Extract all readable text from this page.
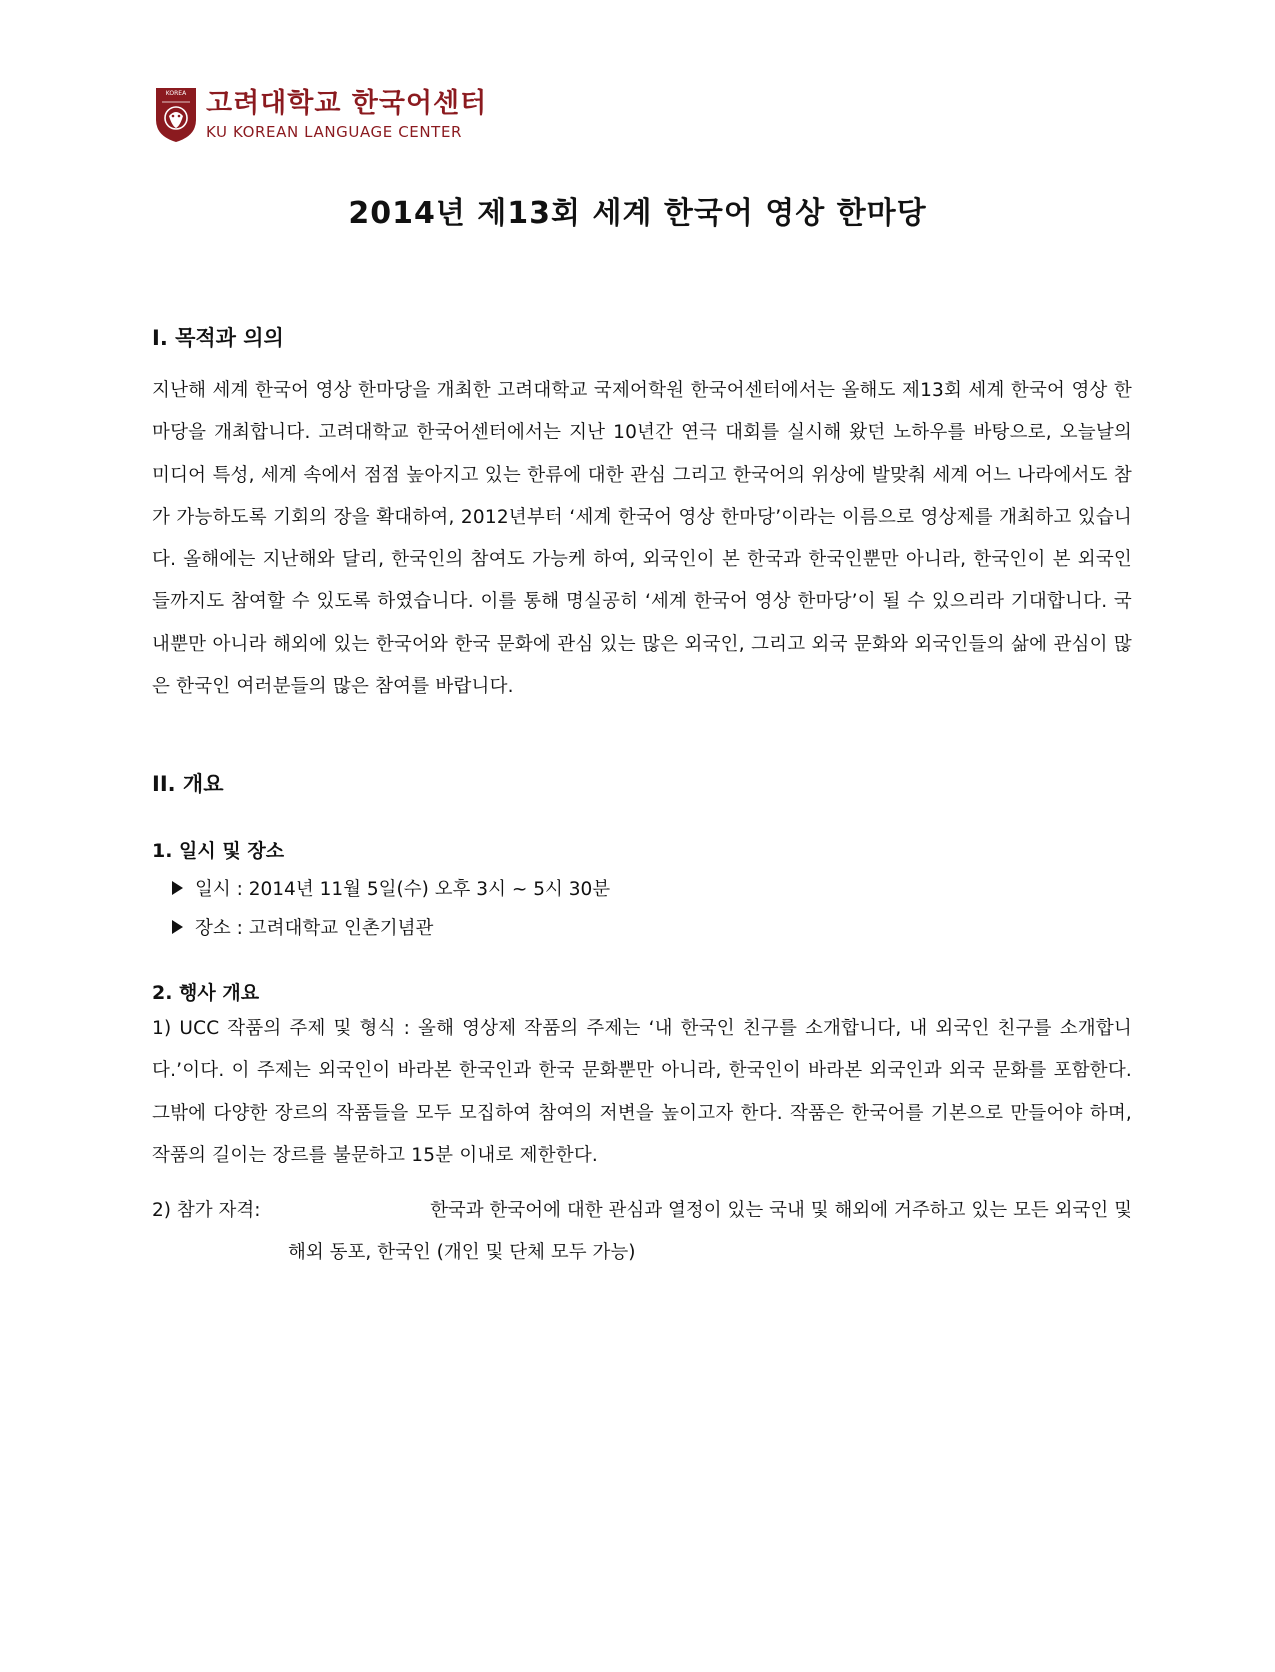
KOREA 고려대학교 한국어센터
KU KOREAN LANGUAGE CENTER
2014년 제13회 세계 한국어 영상 한마당
I. 목적과 의의
지난해 세계 한국어 영상 한마당을 개최한 고려대학교 국제어학원 한국어센터에서는 올해도 제13회 세계 한국어 영상 한마당을 개최합니다. 고려대학교 한국어센터에서는 지난 10년간 연극 대회를 실시해 왔던 노하우를 바탕으로, 오늘날의 미디어 특성, 세계 속에서 점점 높아지고 있는 한류에 대한 관심 그리고 한국어의 위상에 발맞춰 세계 어느 나라에서도 참가 가능하도록 기회의 장을 확대하여, 2012년부터 ‘세계 한국어 영상 한마당’이라는 이름으로 영상제를 개최하고 있습니다. 올해에는 지난해와 달리, 한국인의 참여도 가능케 하여, 외국인이 본 한국과 한국인뿐만 아니라, 한국인이 본 외국인들까지도 참여할 수 있도록 하였습니다. 이를 통해 명실공히 ‘세계 한국어 영상 한마당’이 될 수 있으리라 기대합니다. 국내뿐만 아니라 해외에 있는 한국어와 한국 문화에 관심 있는 많은 외국인, 그리고 외국 문화와 외국인들의 삶에 관심이 많은 한국인 여러분들의 많은 참여를 바랍니다.
II. 개요
1. 일시 및 장소
일시 : 2014년 11월 5일(수) 오후 3시 ~ 5시 30분
장소 : 고려대학교 인촌기념관
2. 행사 개요
1) UCC 작품의 주제 및 형식 : 올해 영상제 작품의 주제는 ‘내 한국인 친구를 소개합니다, 내 외국인 친구를 소개합니다.’이다. 이 주제는 외국인이 바라본 한국인과 한국 문화뿐만 아니라, 한국인이 바라본 외국인과 외국 문화를 포함한다. 그밖에 다양한 장르의 작품들을 모두 모집하여 참여의 저변을 높이고자 한다. 작품은 한국어를 기본으로 만들어야 하며, 작품의 길이는 장르를 불문하고 15분 이내로 제한한다.
2) 참가 자격:	한국과 한국어에 대한 관심과 열정이 있는 국내 및 해외에 거주하고 있는 모든 외국인 및
해외 동포, 한국인 (개인 및 단체 모두 가능)
